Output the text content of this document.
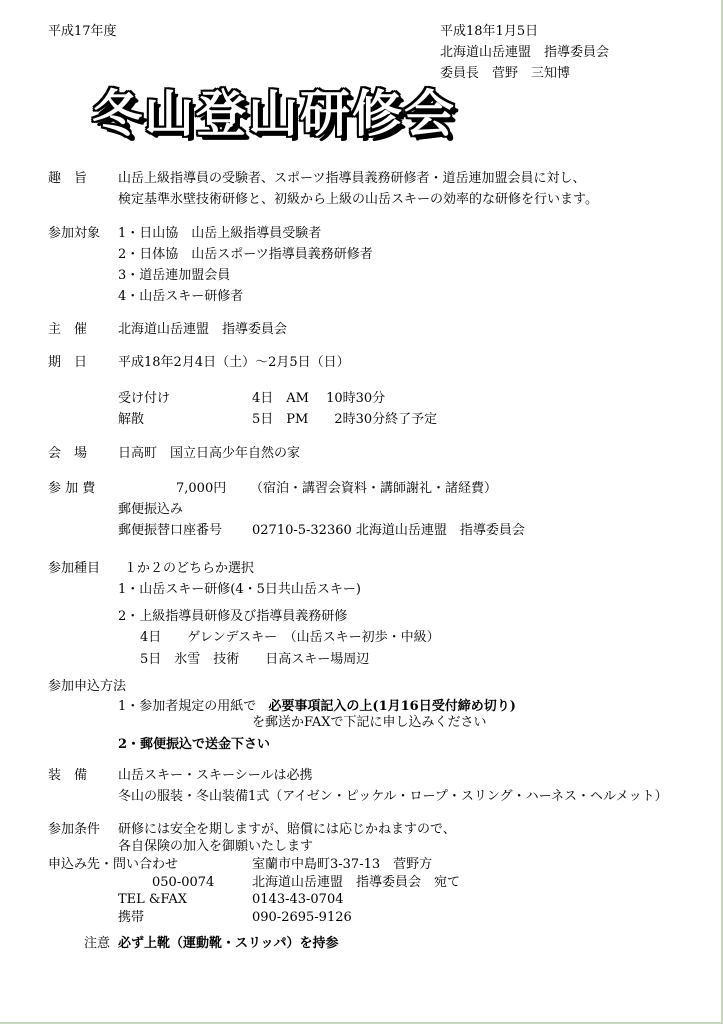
平成17年度	平成18年1月5日
北海道山岳連盟　指導委員会
委員長　菅野　三知博
冬山登山研修会
趣　旨 山岳上級指導員の受験者、スポーツ指導員義務研修者・道岳連加盟会員に対し、
検定基準氷壁技術研修と、初級から上級の山岳スキーの効率的な研修を行います。
参加対象 1・日山協　山岳上級指導員受験者
2・日体協　山岳スポーツ指導員義務研修者
3・道岳連加盟会員
4・山岳スキー研修者
主　催 北海道山岳連盟　指導委員会
期　日 平成18年2月4日（土）～2月5日（日）
受け付け	4日　AM　 10時30分
解散	5日　PM　　2時30分終了予定
会　場 日高町　国立日高少年自然の家
参 加 費	7,000円 （宿泊・講習会資料・講師謝礼・諸経費）
郵便振込み
郵便振替口座番号 02710-5-32360 北海道山岳連盟　指導委員会
参加種目 １か２のどちらか選択
1・山岳スキー研修(4・5日共山岳スキー)
2・上級指導員研修及び指導員義務研修
4日　　ゲレンデスキー　（山岳スキー初歩・中級）
5日　氷雪　技術　　日高スキー場周辺
参加申込方法
1・参加者規定の用紙で 必要事項記入の上(1月16日受付締め切り)
を郵送かFAXで下記に申し込みください
2・郵便振込で送金下さい
装　備 山岳スキー・スキーシールは必携
冬山の服装・冬山装備1式（アイゼン・ピッケル・ロープ・スリング・ハーネス・ヘルメット）
参加条件 研修には安全を期しますが、賠償には応じかねますので、
各自保険の加入を御願いたします
申込み先・問い合わせ	室蘭市中島町3-37-13　菅野方
050-0074	北海道山岳連盟　指導委員会　宛て
TEL &FAX	0143-43-0704
携帯	090-2695-9126
注意 必ず上靴（運動靴・スリッパ）を持参
